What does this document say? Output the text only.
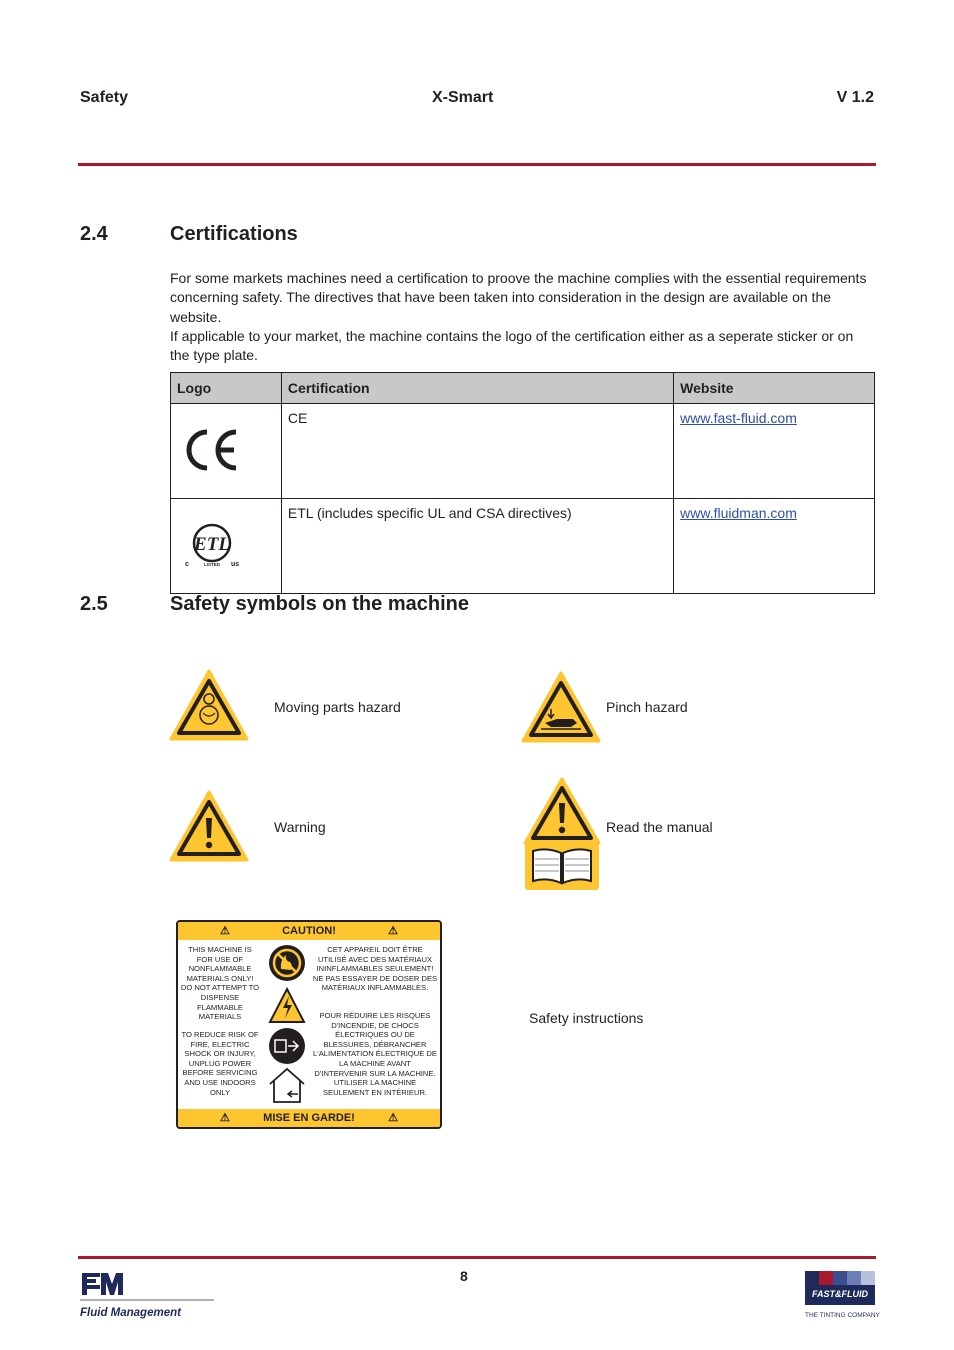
Safety	X-Smart	V 1.2
2.4	Certifications

For some markets machines need a certification to proove the machine complies with the essential requirements concerning safety. The directives that have been taken into consideration in the design are available on the website.

If applicable to your market, the machine contains the logo of the certification either as a seperate sticker or on the type plate.

Logo	Certification	Website
	CE	www.fast-fluid.com

ETL
c us
LISTED	ETL (includes specific UL and CSA directives)	www.fluidman.com
2.5	Safety symbols on the machine
Moving parts hazard	Pinch hazard
Warning	Read the manual
⚠	CAUTION!	⚠
THIS MACHINE IS FOR USE OF NONFLAMMABLE MATERIALS ONLY! DO NOT ATTEMPT TO DISPENSE FLAMMABLE MATERIALS
TO REDUCE RISK OF FIRE, ELECTRIC SHOCK OR INJURY, UNPLUG POWER BEFORE SERVICING AND USE INDOORS ONLY
CET APPAREIL DOIT ÊTRE UTILISÉ AVEC DES MATÉRIAUX ININFLAMMABLES SEULEMENT! NE PAS ESSAYER DE DOSER DES MATÉRIAUX INFLAMMABLES.
POUR RÉDUIRE LES RISQUES D'INCENDIE, DE CHOCS ÉLECTRIQUES OU DE BLESSURES, DÉBRANCHER L'ALIMENTATION ÉLECTRIQUE DE LA MACHINE AVANT D'INTERVENIR SUR LA MACHINE. UTILISER LA MACHINE SEULEMENT EN INTÉRIEUR.
⚠	MISE EN GARDE!	⚠
Safety instructions
8
Fluid Management
FAST&FLUID
THE TINTING COMPANY
